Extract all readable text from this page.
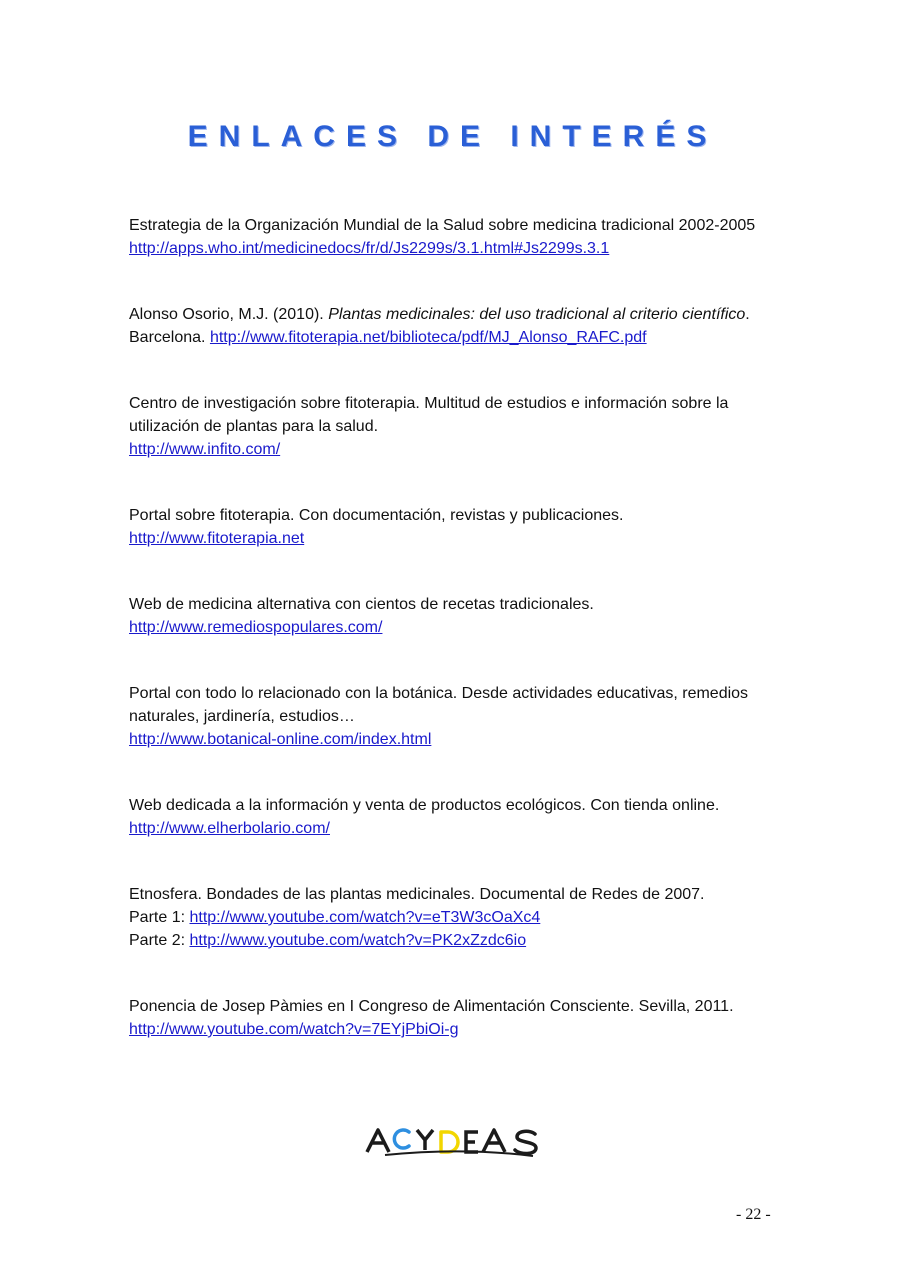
ENLACES DE INTERÉS
Estrategia de la Organización Mundial de la Salud sobre medicina tradicional 2002-2005 http://apps.who.int/medicinedocs/fr/d/Js2299s/3.1.html#Js2299s.3.1
Alonso Osorio, M.J. (2010). Plantas medicinales: del uso tradicional al criterio científico. Barcelona. http://www.fitoterapia.net/biblioteca/pdf/MJ_Alonso_RAFC.pdf
Centro de investigación sobre fitoterapia. Multitud de estudios e información sobre la utilización de plantas para la salud.
http://www.infito.com/
Portal sobre fitoterapia. Con documentación, revistas y publicaciones.
http://www.fitoterapia.net
Web de medicina alternativa con cientos de recetas tradicionales.
http://www.remediospopulares.com/
Portal con todo lo relacionado con la botánica. Desde actividades educativas, remedios naturales, jardinería, estudios…
http://www.botanical-online.com/index.html
Web dedicada a la información y venta de productos ecológicos. Con tienda online.
http://www.elherbolario.com/
Etnosfera. Bondades de las plantas medicinales. Documental de Redes de 2007.
Parte 1: http://www.youtube.com/watch?v=eT3W3cOaXc4
Parte 2: http://www.youtube.com/watch?v=PK2xZzdc6io
Ponencia de Josep Pàmies en I Congreso de Alimentación Consciente. Sevilla, 2011.
http://www.youtube.com/watch?v=7EYjPbiOi-g
- 22 -
